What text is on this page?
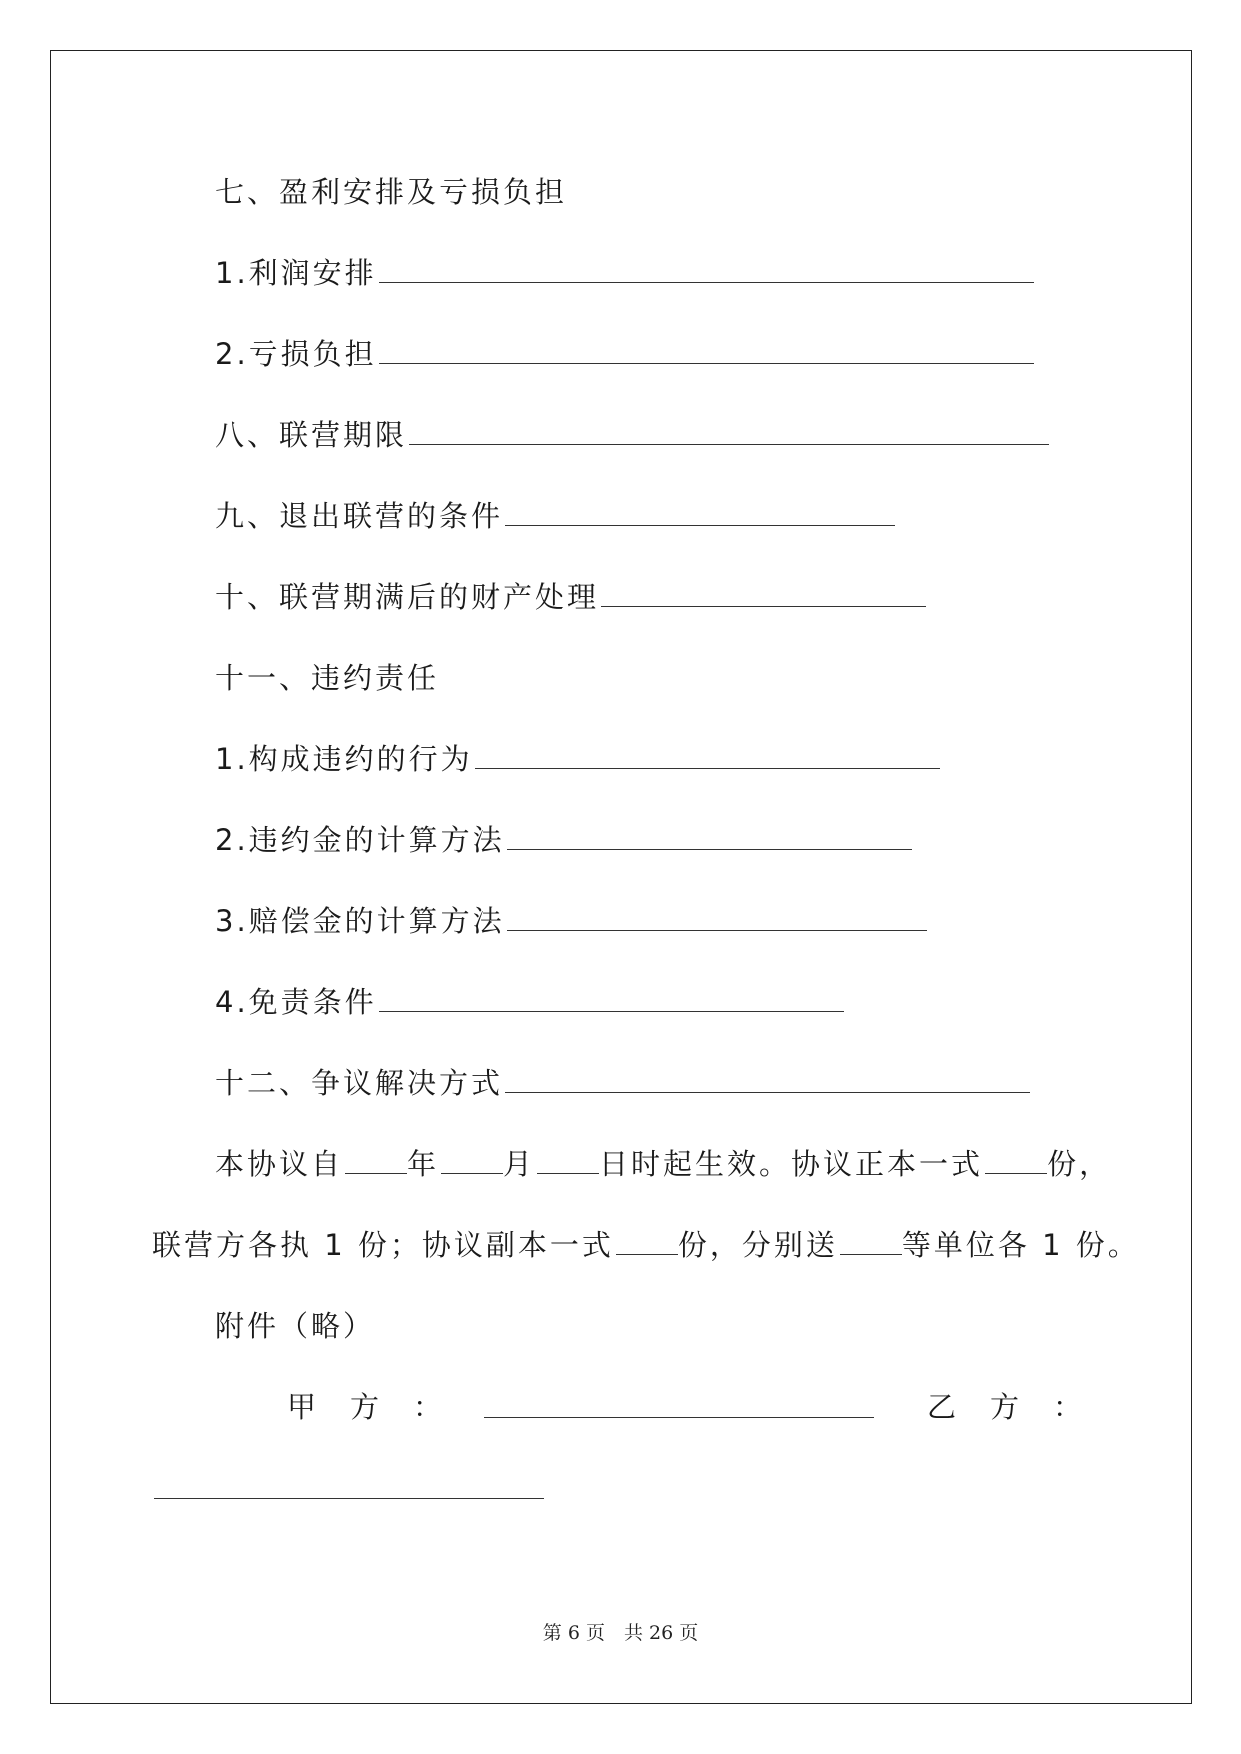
七、盈利安排及亏损负担
1.利润安排
2.亏损负担
八、联营期限
九、退出联营的条件
十、联营期满后的财产处理
十一、违约责任
1.构成违约的行为
2.违约金的计算方法
3.赔偿金的计算方法
4.免责条件
十二、争议解决方式
本协议自 年 月 日时起生效。协议正本一式 份，
联营方各执 1 份；协议副本一式 份，分别送 等单位各 1 份。
附件（略）
甲 方 ：	乙 方 ：
第 6 页　共 26 页
